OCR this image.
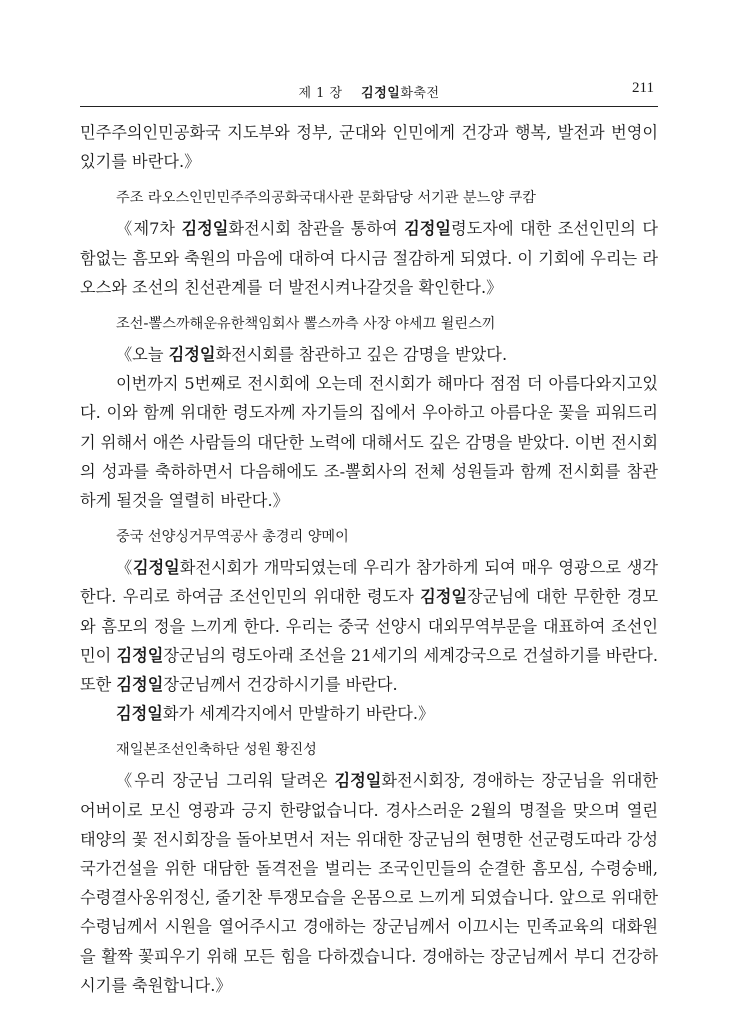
제 1 장 김정일화축전	211

민주주의인민공화국 지도부와 정부, 군대와 인민에게 건강과 행복, 발전과 번영이 있기를 바란다.》

주조 라오스인민민주주의공화국대사관 문화담당 서기관 분느양 쿠캄

《제7차 김정일화전시회 참관을 통하여 김정일령도자에 대한 조선인민의 다함없는 흠모와 축원의 마음에 대하여 다시금 절감하게 되였다. 이 기회에 우리는 라오스와 조선의 친선관계를 더 발전시켜나갈것을 확인한다.》

조선-뽈스까해운유한책임회사 뽈스까측 사장 야세끄 윌린스끼

《오늘 김정일화전시회를 참관하고 깊은 감명을 받았다.

이번까지 5번째로 전시회에 오는데 전시회가 해마다 점점 더 아름다와지고있다. 이와 함께 위대한 령도자께 자기들의 집에서 우아하고 아름다운 꽃을 피워드리기 위해서 애쓴 사람들의 대단한 노력에 대해서도 깊은 감명을 받았다. 이번 전시회의 성과를 축하하면서 다음해에도 조-뽈회사의 전체 성원들과 함께 전시회를 참관하게 될것을 열렬히 바란다.》

중국 선양싱거무역공사 총경리 양메이

《김정일화전시회가 개막되였는데 우리가 참가하게 되여 매우 영광으로 생각한다. 우리로 하여금 조선인민의 위대한 령도자 김정일장군님에 대한 무한한 경모와 흠모의 정을 느끼게 한다. 우리는 중국 선양시 대외무역부문을 대표하여 조선인민이 김정일장군님의 령도아래 조선을 21세기의 세계강국으로 건설하기를 바란다. 또한 김정일장군님께서 건강하시기를 바란다.

김정일화가 세계각지에서 만발하기 바란다.》

재일본조선인축하단 성원 황진성

《우리 장군님 그리워 달려온 김정일화전시회장, 경애하는 장군님을 위대한 어버이로 모신 영광과 긍지 한량없습니다. 경사스러운 2월의 명절을 맞으며 열린 태양의 꽃 전시회장을 돌아보면서 저는 위대한 장군님의 현명한 선군령도따라 강성국가건설을 위한 대담한 돌격전을 벌리는 조국인민들의 순결한 흠모심, 수령숭배, 수령결사옹위정신, 줄기찬 투쟁모습을 온몸으로 느끼게 되였습니다. 앞으로 위대한 수령님께서 시원을 열어주시고 경애하는 장군님께서 이끄시는 민족교육의 대화원을 활짝 꽃피우기 위해 모든 힘을 다하겠습니다. 경애하는 장군님께서 부디 건강하시기를 축원합니다.》
